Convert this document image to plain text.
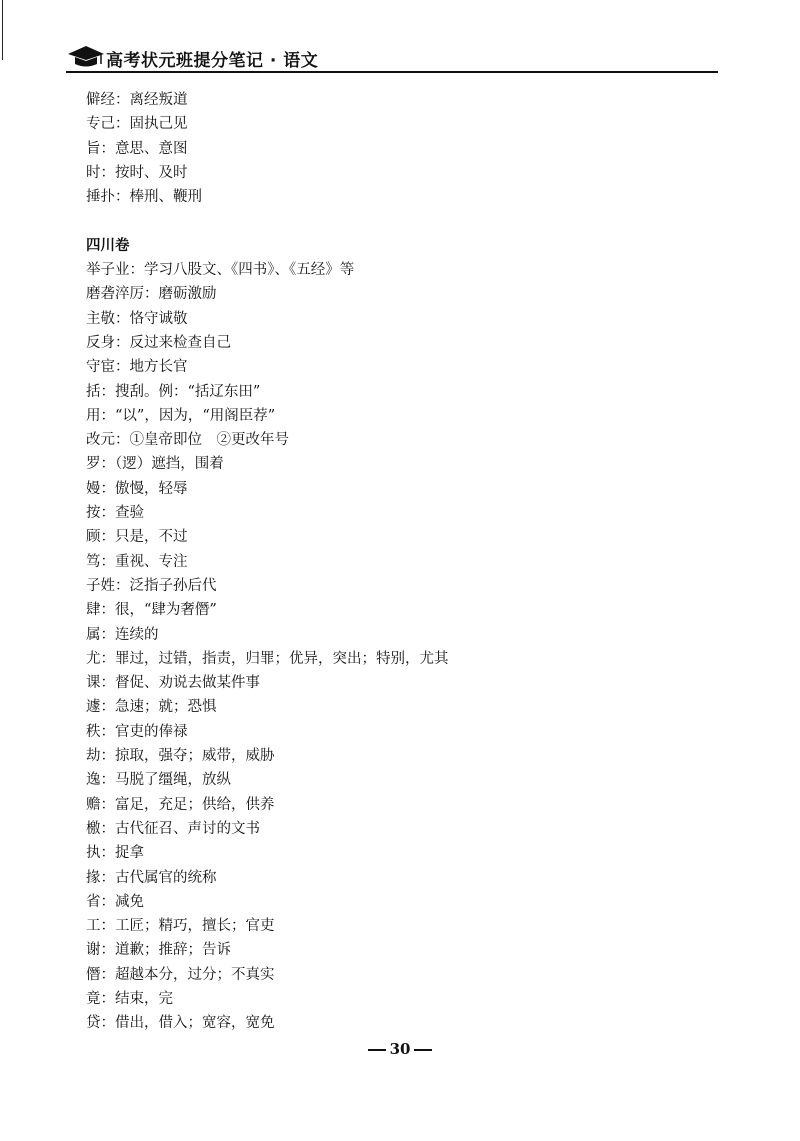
高考状元班提分笔记 · 语文
僻经：离经叛道
专己：固执己见
旨：意思、意图
时：按时、及时
捶扑：棒刑、鞭刑
四川卷
举子业：学习八股文、《四书》、《五经》等
磨砻淬厉：磨砺激励
主敬：恪守诚敬
反身：反过来检查自己
守宦：地方长官
括：搜刮。例：“括辽东田”
用：“以”，因为，“用阁臣荐”
改元：①皇帝即位　②更改年号
罗：（逻）遮挡，围着
嫚：傲慢，轻辱
按：查验
顾：只是，不过
笃：重视、专注
子姓：泛指子孙后代
肆：很，“肆为奢僭”
属：连续的
尤：罪过，过错，指责，归罪；优异，突出；特别，尤其
课：督促、劝说去做某件事
遽：急速；就；恐惧
秩：官吏的俸禄
劫：掠取，强夺；威带，威胁
逸：马脱了缰绳，放纵
赡：富足，充足；供给，供养
檄：古代征召、声讨的文书
执：捉拿
掾：古代属官的统称
省：减免
工：工匠；精巧，擅长；官吏
谢：道歉；推辞；告诉
僭：超越本分，过分；不真实
竟：结束，完
贷：借出，借入；宽容，宽免
30
